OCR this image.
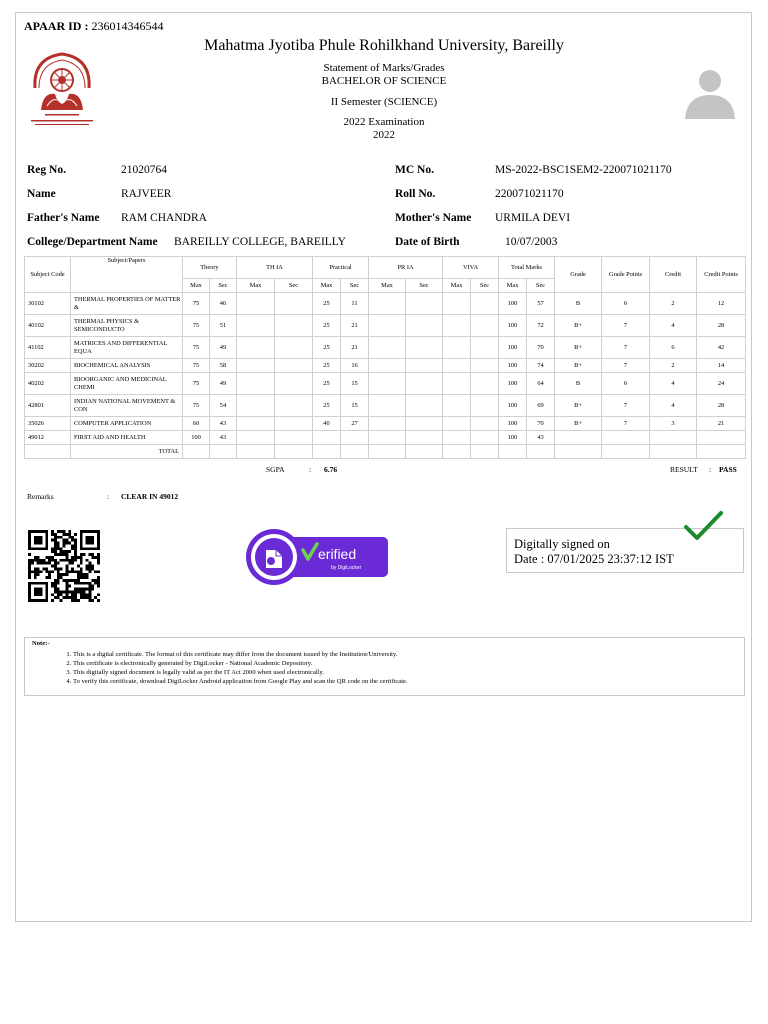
APAAR ID : 236014346544
Mahatma Jyotiba Phule Rohilkhand University, Bareilly
Statement of Marks/Grades
BACHELOR OF SCIENCE
II Semester (SCIENCE)
2022 Examination
2022
Reg No.	21020764	MC No.	MS-2022-BSC1SEM2-220071021170
Name	RAJVEER	Roll No.	220071021170
Father's Name RAM CHANDRA	Mother's Name URMILA DEVI
College/Department Name BAREILLY COLLEGE, BAREILLY	Date of Birth	10/07/2003
Subject Code	Subject/Papers	Theory		TH IA		Practical		PR IA		VIVA		Total Marks		Grade	Grade Points	Credit	Credit Points
		Max	Sec	Max	Sec	Max	Sec	Max	Sec	Max	Sec	Max	Sec				
30102	THERMAL PROPERTIES OF MATTER &	75	46			25	11					100	57	B	6	2	12
40102	THERMAL PHYSICS & SEMICONDUCTO	75	51			25	21					100	72	B+	7	4	28
41102	MATRICES AND DIFFERENTIAL EQUA	75	49			25	21					100	70	B+	7	6	42
30202	BIOCHEMICAL ANALYSIS	75	58			25	16					100	74	B+	7	2	14
40202	BIOORGANIC AND MEDICINAL CHEMI	75	49			25	15					100	64	B	6	4	24
42801	INDIAN NATIONAL MOVEMENT & CON	75	54			25	15					100	69	B+	7	4	28
35026	COMPUTER APPLICATION	60	43			40	27					100	70	B+	7	3	21
49012	FIRST AID AND HEALTH	100	43									100	43				
	TOTAL																
SGPA	: 6.76	RESULT : PASS
Remarks	: CLEAR IN 49012
erified
by DigiLocker
Digitally signed on
Date : 07/01/2025 23:37:12 IST
Note:-
1. This is a digital certificate. The format of this certificate may differ from the document issued by the Institution/University.
2. This certificate is electronically generated by DigiLocker - National Academic Depository.
3. This digitally signed document is legally valid as per the IT Act 2000 when used electronically.
4. To verify this certificate, download DigiLocker Android application from Google Play and scan the QR code on the certificate.
